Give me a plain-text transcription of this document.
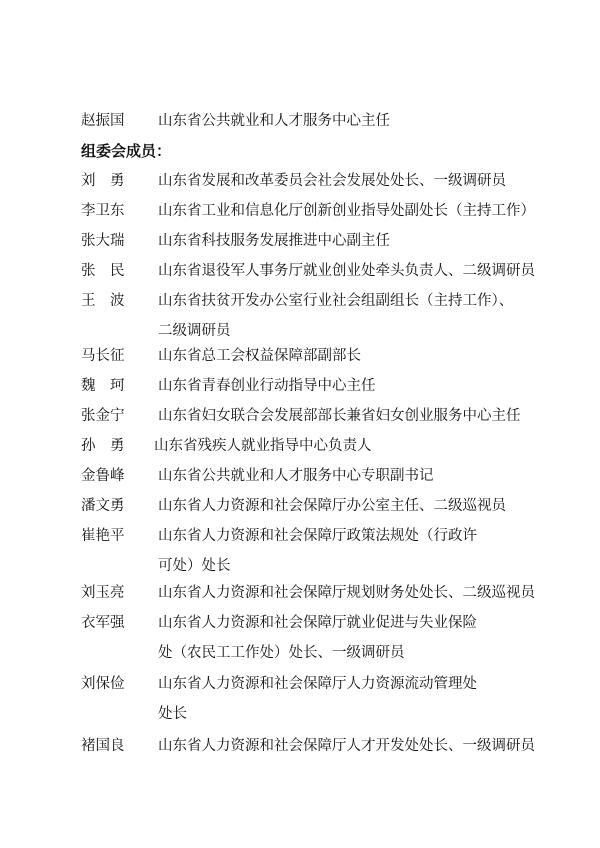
赵振国 山东省公共就业和人才服务中心主任
组委会成员：
刘　勇 山东省发展和改革委员会社会发展处处长、一级调研员
李卫东 山东省工业和信息化厅创新创业指导处副处长（主持工作）
张大瑞 山东省科技服务发展推进中心副主任
张　民 山东省退役军人事务厅就业创业处牵头负责人、二级调研员
王　波 山东省扶贫开发办公室行业社会组副组长（主持工作）、
二级调研员
马长征 山东省总工会权益保障部副部长
魏　珂 山东省青春创业行动指导中心主任
张金宁 山东省妇女联合会发展部部长兼省妇女创业服务中心主任
孙　勇 山东省残疾人就业指导中心负责人
金鲁峰 山东省公共就业和人才服务中心专职副书记
潘文勇 山东省人力资源和社会保障厅办公室主任、二级巡视员
崔艳平 山东省人力资源和社会保障厅政策法规处（行政许
可处）处长
刘玉亮 山东省人力资源和社会保障厅规划财务处处长、二级巡视员
衣军强 山东省人力资源和社会保障厅就业促进与失业保险
处（农民工工作处）处长、一级调研员
刘保俭 山东省人力资源和社会保障厅人力资源流动管理处
处长
褚国良 山东省人力资源和社会保障厅人才开发处处长、一级调研员
